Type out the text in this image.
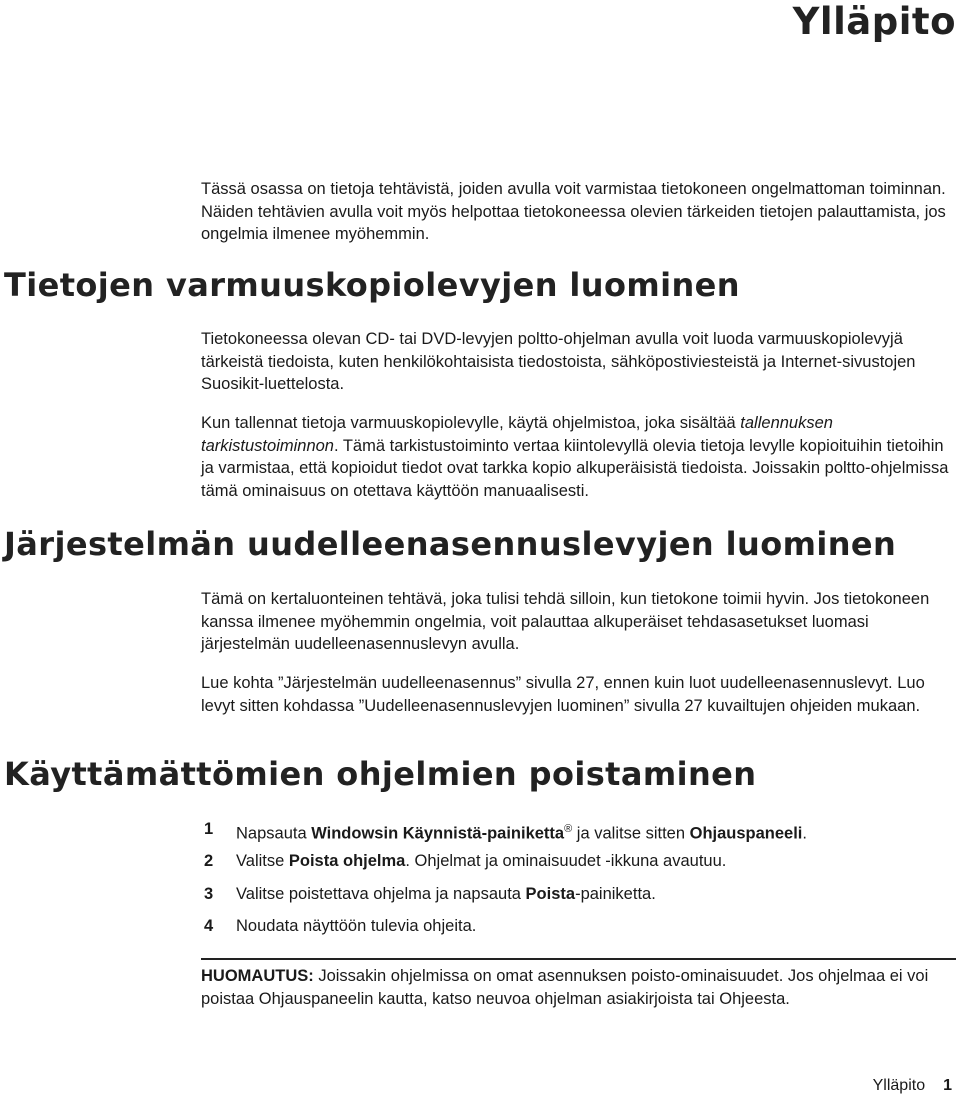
Ylläpito

Tässä osassa on tietoja tehtävistä, joiden avulla voit varmistaa tietokoneen ongelmattoman toiminnan. Näiden tehtävien avulla voit myös helpottaa tietokoneessa olevien tärkeiden tietojen palauttamista, jos ongelmia ilmenee myöhemmin.

Tietojen varmuuskopiolevyjen luominen

Tietokoneessa olevan CD- tai DVD-levyjen poltto-ohjelman avulla voit luoda varmuuskopiolevyjä tärkeistä tiedoista, kuten henkilökohtaisista tiedostoista, sähköpostiviesteistä ja Internet-sivustojen Suosikit-luettelosta.

Kun tallennat tietoja varmuuskopiolevylle, käytä ohjelmistoa, joka sisältää tallennuksen tarkistustoiminnon. Tämä tarkistustoiminto vertaa kiintolevyllä olevia tietoja levylle kopioituihin tietoihin ja varmistaa, että kopioidut tiedot ovat tarkka kopio alkuperäisistä tiedoista. Joissakin poltto-ohjelmissa tämä ominaisuus on otettava käyttöön manuaalisesti.

Järjestelmän uudelleenasennuslevyjen luominen

Tämä on kertaluonteinen tehtävä, joka tulisi tehdä silloin, kun tietokone toimii hyvin. Jos tietokoneen kanssa ilmenee myöhemmin ongelmia, voit palauttaa alkuperäiset tehdasasetukset luomasi järjestelmän uudelleenasennuslevyn avulla.

Lue kohta ”Järjestelmän uudelleenasennus” sivulla 27, ennen kuin luot uudelleenasennuslevyt. Luo levyt sitten kohdassa ”Uudelleenasennuslevyjen luominen” sivulla 27 kuvailtujen ohjeiden mukaan.

Käyttämättömien ohjelmien poistaminen
1 Napsauta Windowsin Käynnistä-painiketta® ja valitse sitten Ohjauspaneeli.
2 Valitse Poista ohjelma. Ohjelmat ja ominaisuudet -ikkuna avautuu.
3 Valitse poistettava ohjelma ja napsauta Poista-painiketta.
4 Noudata näyttöön tulevia ohjeita.

HUOMAUTUS: Joissakin ohjelmissa on omat asennuksen poisto-ominaisuudet. Jos ohjelmaa ei voi poistaa Ohjauspaneelin kautta, katso neuvoa ohjelman asiakirjoista tai Ohjeesta.

Ylläpito 1
